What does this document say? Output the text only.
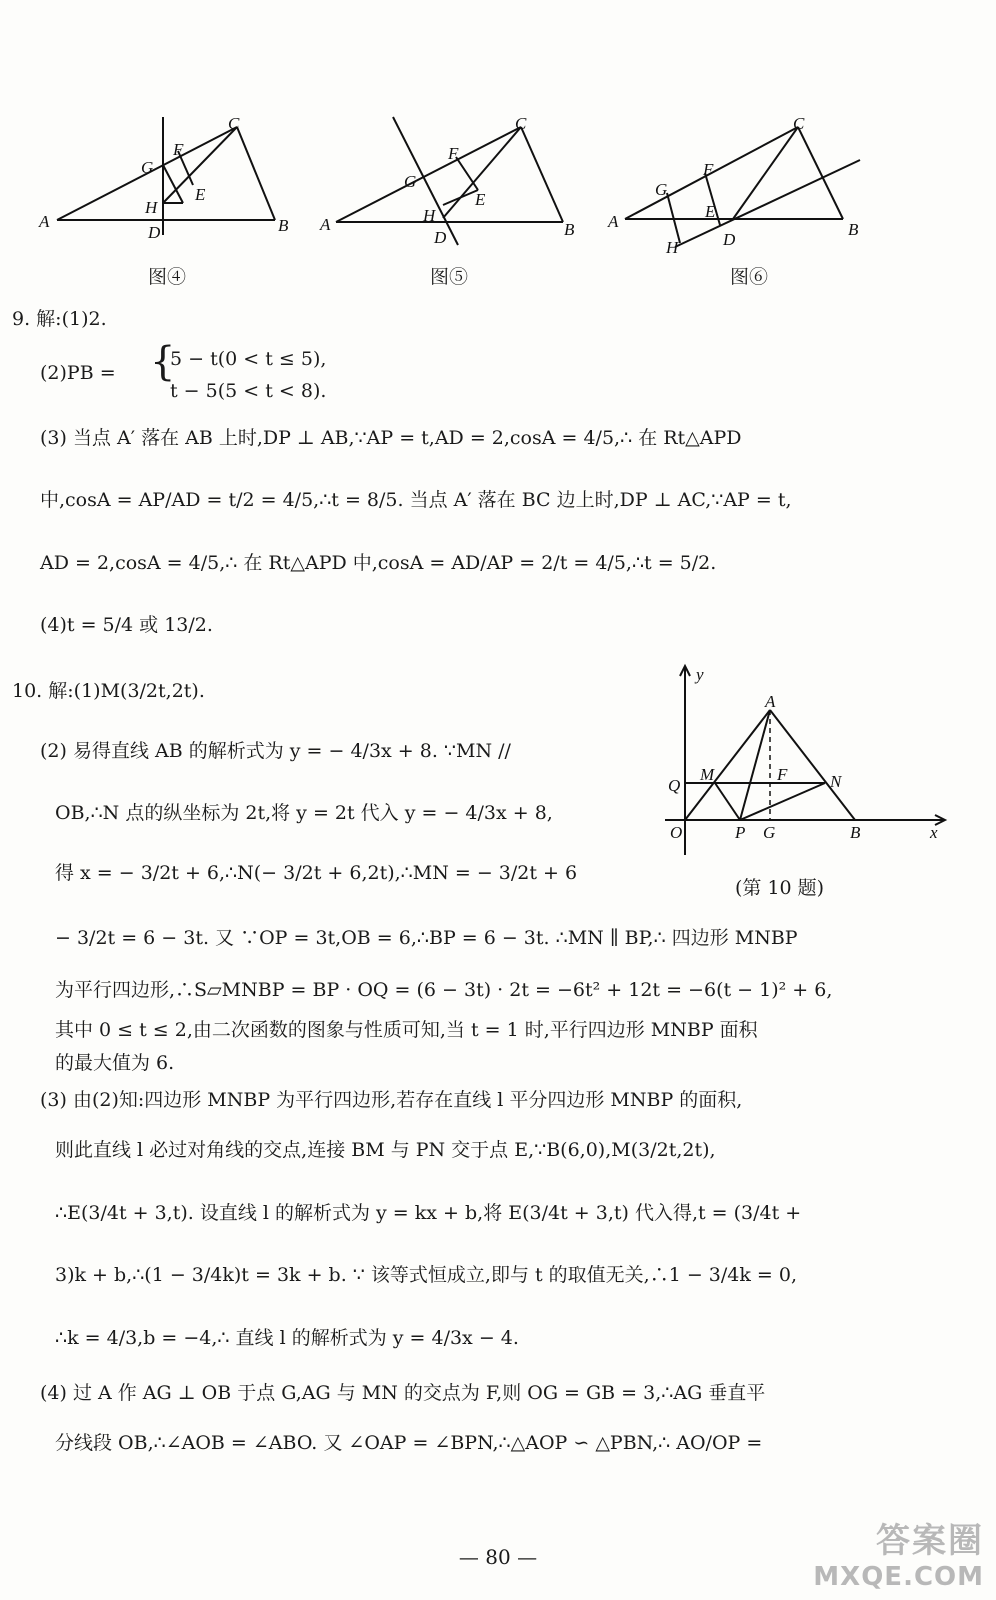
A	B
C
D
E
F
G
H
图④
A	B
C
D
E
F
G
H
图⑤
A	B
C
D
E
F
G
H
图⑥
9. 解:(1)2.
(2)PB = {
5 − t(0 < t ≤ 5),
t − 5(5 < t < 8).
(3) 当点 A′ 落在 AB 上时,DP ⊥ AB,∵AP = t,AD = 2,cosA = 4/5,∴ 在 Rt△APD
中,cosA = AP/AD = t/2 = 4/5,∴t = 8/5. 当点 A′ 落在 BC 边上时,DP ⊥ AC,∵AP = t,
AD = 2,cosA = 4/5,∴ 在 Rt△APD 中,cosA = AD/AP = 2/t = 4/5,∴t = 5/2.
(4)t = 5/4 或 13/2.
10. 解:(1)M(3/2t,2t).
(2) 易得直线 AB 的解析式为 y = − 4/3x + 8. ∵MN //
OB,∴N 点的纵坐标为 2t,将 y = 2t 代入 y = − 4/3x + 8,
得 x = − 3/2t + 6,∴N(− 3/2t + 6,2t),∴MN = − 3/2t + 6
− 3/2t = 6 − 3t. 又 ∵OP = 3t,OB = 6,∴BP = 6 − 3t. ∴MN ∥ BP,∴ 四边形 MNBP
为平行四边形,∴S▱MNBP = BP · OQ = (6 − 3t) · 2t = −6t² + 12t = −6(t − 1)² + 6,
其中 0 ≤ t ≤ 2,由二次函数的图象与性质可知,当 t = 1 时,平行四边形 MNBP 面积
的最大值为 6.
(3) 由(2)知:四边形 MNBP 为平行四边形,若存在直线 l 平分四边形 MNBP 的面积,
则此直线 l 必过对角线的交点,连接 BM 与 PN 交于点 E,∵B(6,0),M(3/2t,2t),
∴E(3/4t + 3,t). 设直线 l 的解析式为 y = kx + b,将 E(3/4t + 3,t) 代入得,t = (3/4t +
3)k + b,∴(1 − 3/4k)t = 3k + b. ∵ 该等式恒成立,即与 t 的取值无关,∴1 − 3/4k = 0,
∴k = 4/3,b = −4,∴ 直线 l 的解析式为 y = 4/3x − 4.
(4) 过 A 作 AG ⊥ OB 于点 G,AG 与 MN 的交点为 F,则 OG = GB = 3,∴AG 垂直平
分线段 OB,∴∠AOB = ∠ABO. 又 ∠OAP = ∠BPN,∴△AOP ∽ △PBN,∴ AO/OP =
y
x
A
M	N
F
Q
O	P G	B
(第 10 题)
— 80 —	答案圈
MXQE.COM
